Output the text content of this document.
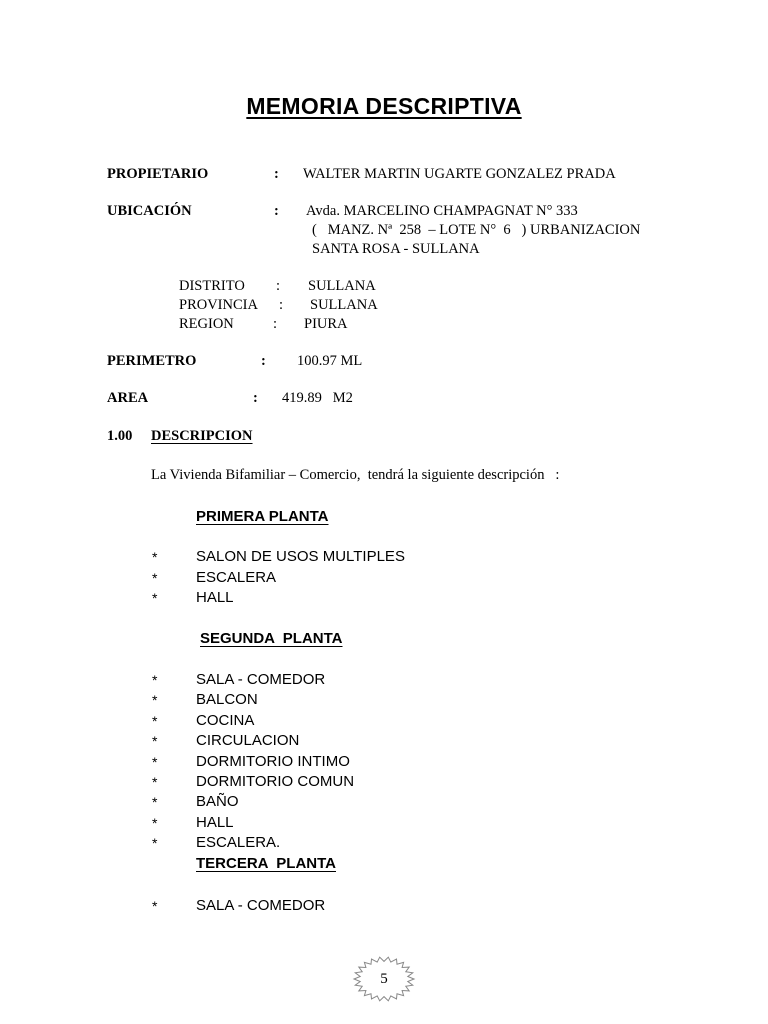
MEMORIA DESCRIPTIVA
PROPIETARIO	: WALTER MARTIN UGARTE GONZALEZ PRADA
UBICACIÓN	: Avda. MARCELINO CHAMPAGNAT N° 333
(   MANZ. Nª  258  – LOTE N°  6   ) URBANIZACION
SANTA ROSA - SULLANA
DISTRITO : SULLANA
PROVINCIA : SULLANA
REGION	: PIURA
PERIMETRO	: 100.97 ML
AREA	: 419.89   M2
1.00 DESCRIPCION
La Vivienda Bifamiliar – Comercio,  tendrá la siguiente descripción   :
PRIMERA PLANTA
*	SALON DE USOS MULTIPLES
*	ESCALERA
*	HALL
SEGUNDA  PLANTA
*	SALA - COMEDOR
*	BALCON
*	COCINA
*	CIRCULACION
*	DORMITORIO INTIMO
*	DORMITORIO COMUN
*	BAÑO
*	HALL
*	ESCALERA.
TERCERA  PLANTA
*	SALA - COMEDOR
5
